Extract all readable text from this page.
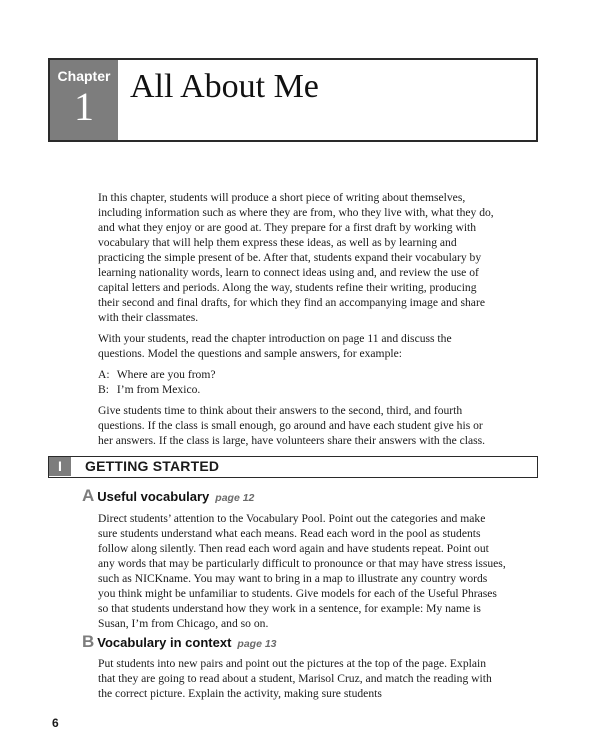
Chapter
1	All About Me

In this chapter, students will produce a short piece of writing about themselves, including information such as where they are from, who they live with, what they do, and what they enjoy or are good at. They prepare for a first draft by working with vocabulary that will help them express these ideas, as well as by learning and practicing the simple present of be. After that, students expand their vocabulary by learning nationality words, learn to connect ideas using and, and review the use of capital letters and periods. Along the way, students refine their writing, producing their second and final drafts, for which they find an accompanying image and share with their classmates.

With your students, read the chapter introduction on page 11 and discuss the questions. Model the questions and sample answers, for example:

A: Where are you from?

B: I’m from Mexico.

Give students time to think about their answers to the second, third, and fourth questions. If the class is small enough, go around and have each student give his or her answers. If the class is large, have volunteers share their answers with the class.

I	GETTING STARTED
A Useful vocabulary page 12

Direct students’ attention to the Vocabulary Pool. Point out the categories and make sure students understand what each means. Read each word in the pool as students follow along silently. Then read each word again and have students repeat. Point out any words that may be particularly difficult to pronounce or that may have stress issues, such as NICKname. You may want to bring in a map to illustrate any country words you think might be unfamiliar to students. Give models for each of the Useful Phrases so that students understand how they work in a sentence, for example: My name is Susan, I’m from Chicago, and so on.

B Vocabulary in context page 13

Put students into new pairs and point out the pictures at the top of the page. Explain that they are going to read about a student, Marisol Cruz, and match the reading with the correct picture. Explain the activity, making sure students

6
